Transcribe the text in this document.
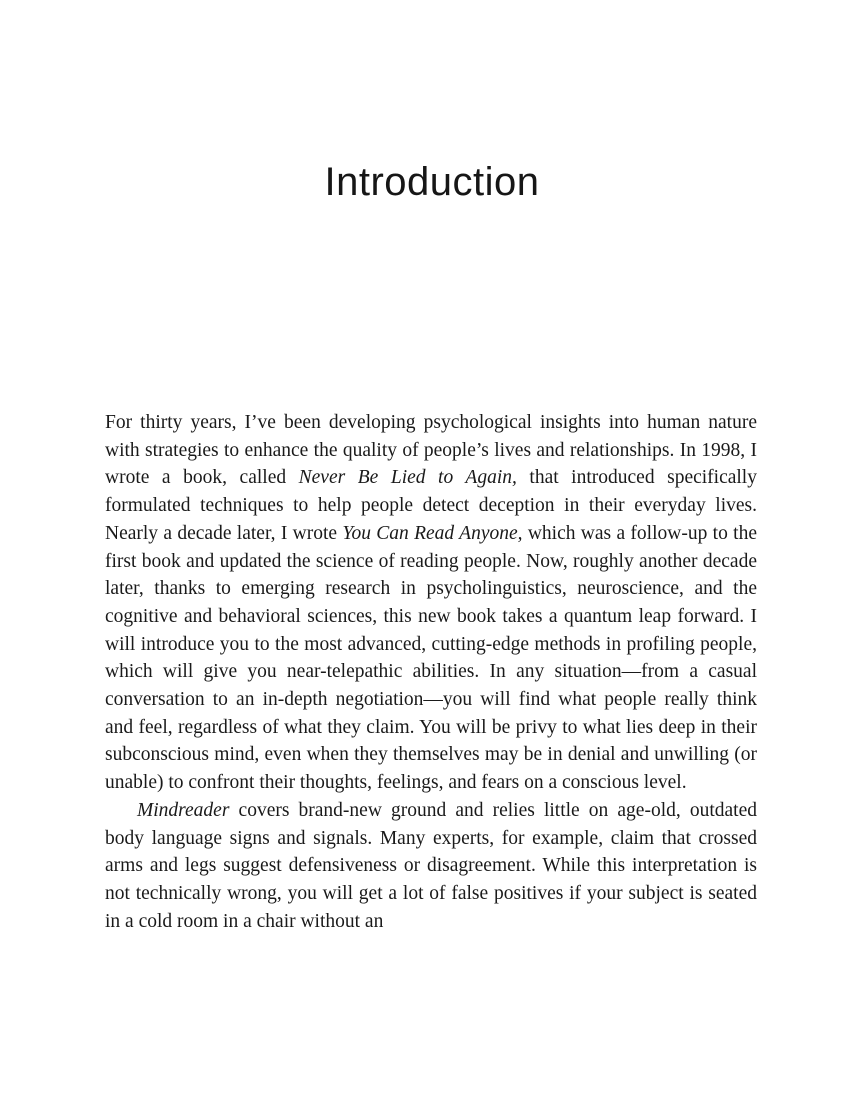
Introduction

For thirty years, I’ve been developing psychological insights into human nature with strategies to enhance the quality of people’s lives and relationships. In 1998, I wrote a book, called Never Be Lied to Again, that introduced specifically formulated techniques to help people detect deception in their everyday lives. Nearly a decade later, I wrote You Can Read Anyone, which was a follow-up to the first book and updated the science of reading people. Now, roughly another decade later, thanks to emerging research in psycholinguistics, neuroscience, and the cognitive and behavioral sciences, this new book takes a quantum leap forward. I will introduce you to the most advanced, cutting-edge methods in profiling people, which will give you near-telepathic abilities. In any situation—from a casual conversation to an in-depth negotiation—you will find what people really think and feel, regardless of what they claim. You will be privy to what lies deep in their subconscious mind, even when they themselves may be in denial and unwilling (or unable) to confront their thoughts, feelings, and fears on a conscious level.

Mindreader covers brand-new ground and relies little on age-old, outdated body language signs and signals. Many experts, for example, claim that crossed arms and legs suggest defensiveness or disagreement. While this interpretation is not technically wrong, you will get a lot of false positives if your subject is seated in a cold room in a chair without an
